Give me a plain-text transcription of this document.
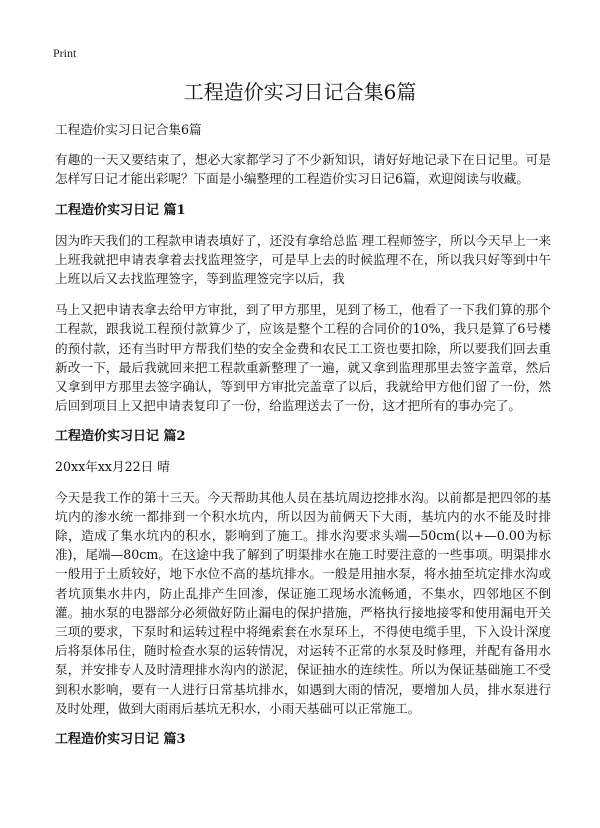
Print
工程造价实习日记合集6篇

工程造价实习日记合集6篇

有趣的一天又要结束了，想必大家都学习了不少新知识，请好好地记录下在日记里。可是怎样写日记才能出彩呢？下面是小编整理的工程造价实习日记6篇，欢迎阅读与收藏。

工程造价实习日记 篇1

因为昨天我们的工程款申请表填好了，还没有拿给总监 理工程师签字，所以今天早上一来上班我就把申请表拿着去找监理签字，可是早上去的时候监理不在，所以我只好等到中午上班以后又去找监理签字，等到监理签完字以后，我

马上又把申请表拿去给甲方审批，到了甲方那里，见到了杨工，他看了一下我们算的那个工程款，跟我说工程预付款算少了，应该是整个工程的合同价的10%，我只是算了6号楼的预付款，还有当时甲方帮我们垫的安全金费和农民工工资也要扣除，所以要我们回去重新改一下，最后我就回来把工程款重新整理了一遍，就又拿到监理那里去签字盖章，然后又拿到甲方那里去签字确认，等到甲方审批完盖章了以后，我就给甲方他们留了一份，然后回到项目上又把申请表复印了一份，给监理送去了一份，这才把所有的事办完了。

工程造价实习日记 篇2

20xx年xx月22日 晴

今天是我工作的第十三天。今天帮助其他人员在基坑周边挖排水沟。以前都是把四邻的基坑内的渗水统一都排到一个积水坑内，所以因为前俩天下大雨，基坑内的水不能及时排除，造成了集水坑内的积水，影响到了施工。排水沟要求头端—50cm(以+—0.00为标准)，尾端—80cm。在这途中我了解到了明渠排水在施工时要注意的一些事项。明渠排水一般用于土质较好，地下水位不高的基坑排水。一般是用抽水泵，将水抽至坑定排水沟或者坑顶集水井内，防止乱排产生回渗，保证施工现场水流畅通，不集水，四邻地区不倒灌。抽水泵的电器部分必须做好防止漏电的保护措施，严格执行接地接零和使用漏电开关三项的要求，下泵时和运转过程中将绳索套在水泵环上，不得使电缆手里，下入设计深度后将泵体吊住，随时检查水泵的运转情况，对运转不正常的水泵及时修理，并配有备用水泵，并安排专人及时清理排水沟内的淤泥，保证抽水的连续性。所以为保证基础施工不受到积水影响，要有一人进行日常基坑排水，如遇到大雨的情况，要增加人员，排水泵进行及时处理，做到大雨雨后基坑无积水，小雨天基础可以正常施工。

工程造价实习日记 篇3
